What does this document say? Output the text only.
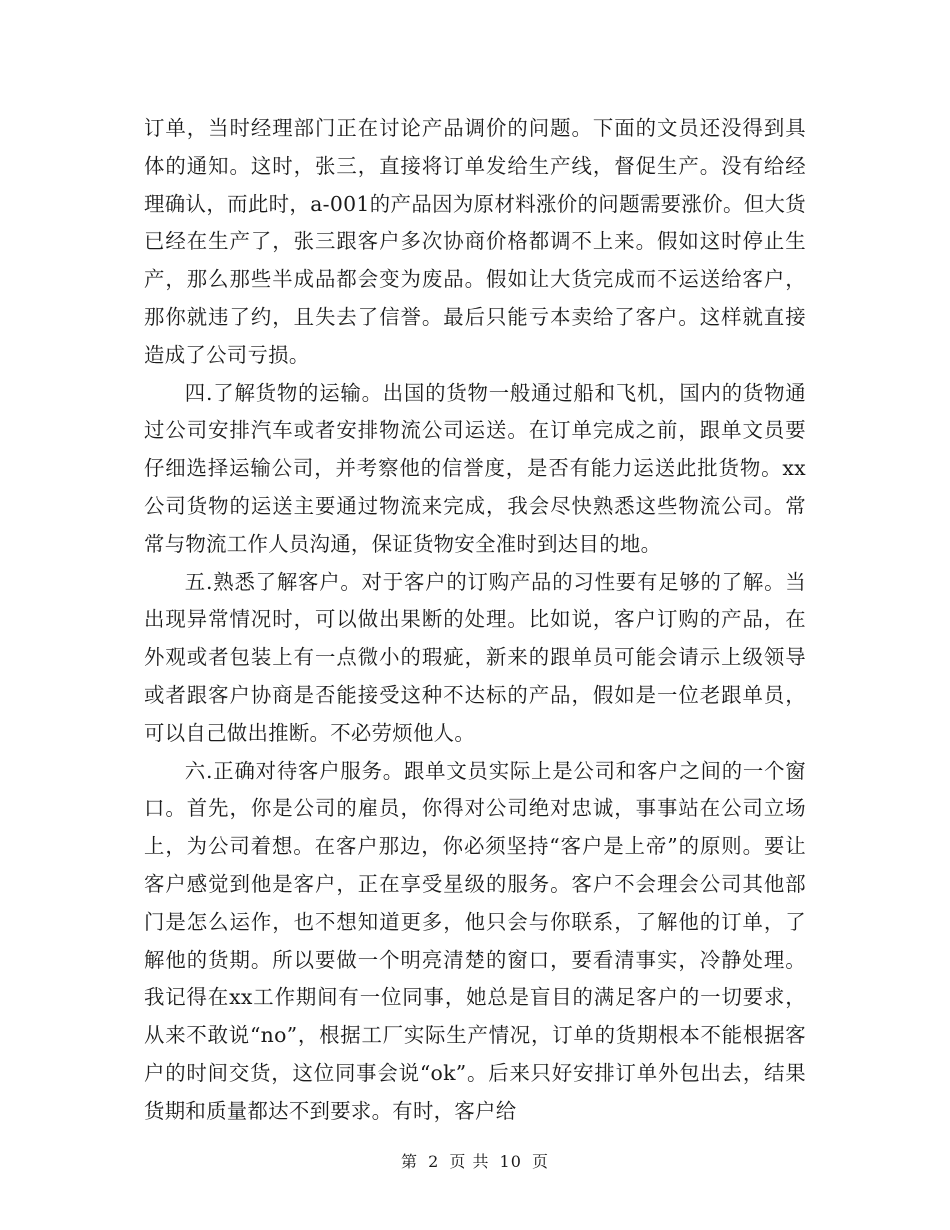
订单，当时经理部门正在讨论产品调价的问题。下面的文员还没得到具体的通知。这时，张三，直接将订单发给生产线，督促生产。没有给经理确认，而此时，a-001的产品因为原材料涨价的问题需要涨价。但大货已经在生产了，张三跟客户多次协商价格都调不上来。假如这时停止生产，那么那些半成品都会变为废品。假如让大货完成而不运送给客户，那你就违了约，且失去了信誉。最后只能亏本卖给了客户。这样就直接造成了公司亏损。

四.了解货物的运输。出国的货物一般通过船和飞机，国内的货物通过公司安排汽车或者安排物流公司运送。在订单完成之前，跟单文员要仔细选择运输公司，并考察他的信誉度，是否有能力运送此批货物。xx公司货物的运送主要通过物流来完成，我会尽快熟悉这些物流公司。常常与物流工作人员沟通，保证货物安全准时到达目的地。

五.熟悉了解客户。对于客户的订购产品的习性要有足够的了解。当出现异常情况时，可以做出果断的处理。比如说，客户订购的产品，在外观或者包装上有一点微小的瑕疵，新来的跟单员可能会请示上级领导或者跟客户协商是否能接受这种不达标的产品，假如是一位老跟单员，可以自己做出推断。不必劳烦他人。

六.正确对待客户服务。跟单文员实际上是公司和客户之间的一个窗口。首先，你是公司的雇员，你得对公司绝对忠诚，事事站在公司立场上，为公司着想。在客户那边，你必须坚持“客户是上帝”的原则。要让客户感觉到他是客户，正在享受星级的服务。客户不会理会公司其他部门是怎么运作，也不想知道更多，他只会与你联系，了解他的订单，了解他的货期。所以要做一个明亮清楚的窗口，要看清事实，冷静处理。我记得在xx工作期间有一位同事，她总是盲目的满足客户的一切要求，从来不敢说“no”，根据工厂实际生产情况，订单的货期根本不能根据客户的时间交货，这位同事会说“ok”。后来只好安排订单外包出去，结果货期和质量都达不到要求。有时，客户给

第 2 页 共 10 页
